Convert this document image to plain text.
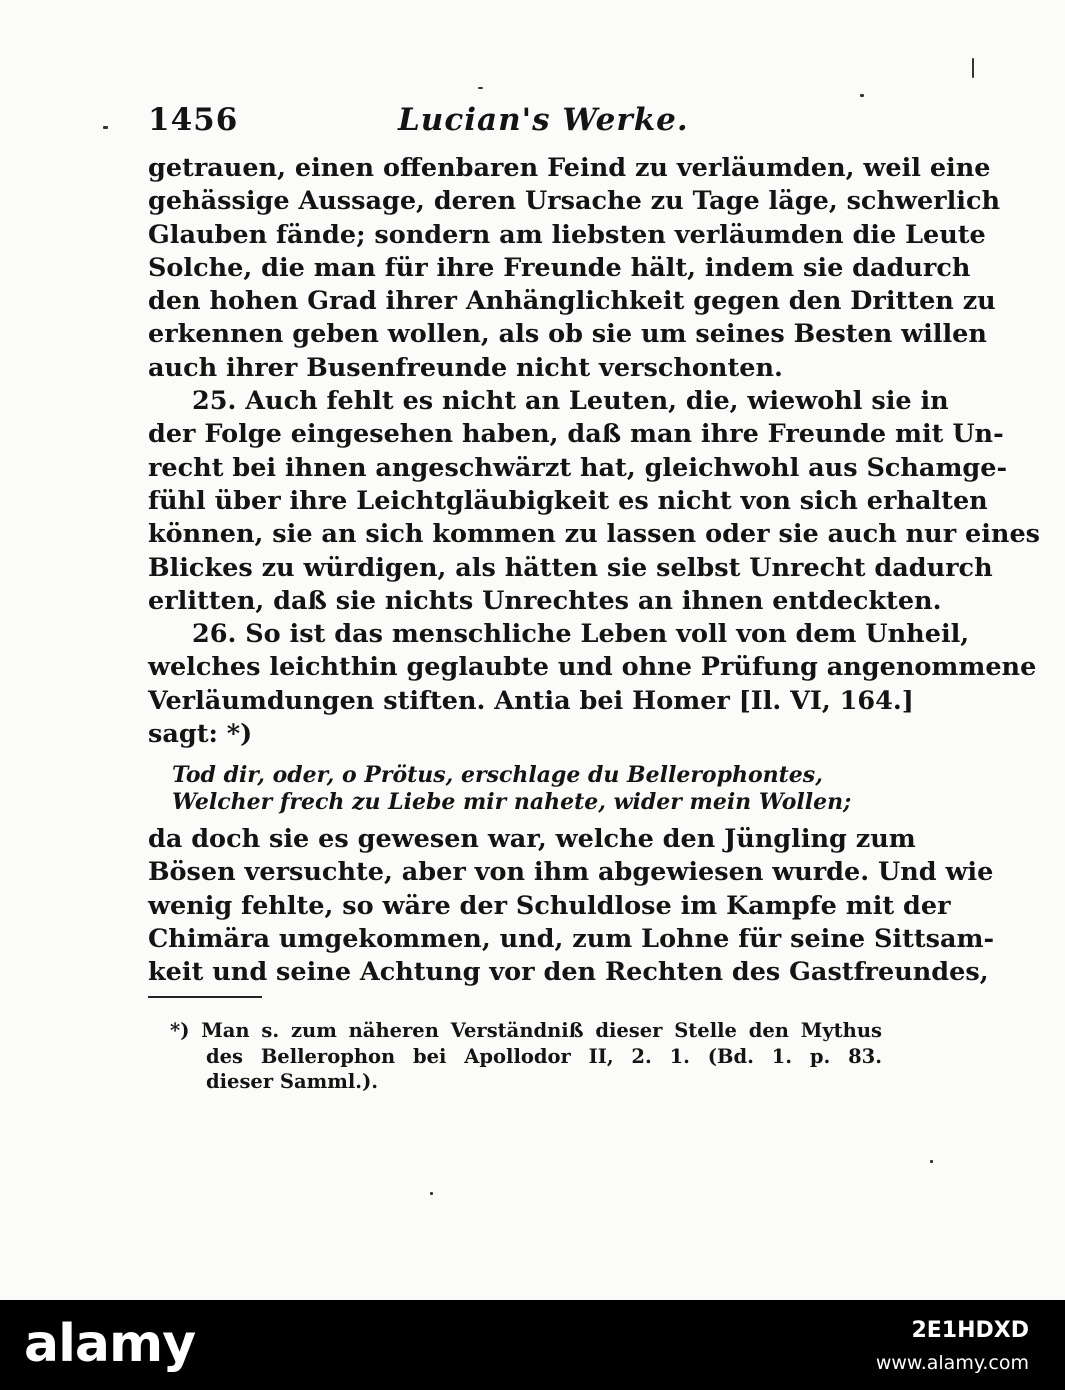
1456	Lucian's Werke.
getrauen, einen offenbaren Feind zu verläumden, weil eine
gehässige Aussage, deren Ursache zu Tage läge, schwerlich
Glauben fände; sondern am liebsten verläumden die Leute
Solche, die man für ihre Freunde hält, indem sie dadurch
den hohen Grad ihrer Anhänglichkeit gegen den Dritten zu
erkennen geben wollen, als ob sie um seines Besten willen
auch ihrer Busenfreunde nicht verschonten.
25. Auch fehlt es nicht an Leuten, die, wiewohl sie in
der Folge eingesehen haben, daß man ihre Freunde mit Un-
recht bei ihnen angeschwärzt hat, gleichwohl aus Schamge-
fühl über ihre Leichtgläubigkeit es nicht von sich erhalten
können, sie an sich kommen zu lassen oder sie auch nur eines
Blickes zu würdigen, als hätten sie selbst Unrecht dadurch
erlitten, daß sie nichts Unrechtes an ihnen entdeckten.
26. So ist das menschliche Leben voll von dem Unheil,
welches leichthin geglaubte und ohne Prüfung angenommene
Verläumdungen stiften. Antia bei Homer [Il. VI, 164.]
sagt: *)
Tod dir, oder, o Prötus, erschlage du Bellerophontes,
Welcher frech zu Liebe mir nahete, wider mein Wollen;
da doch sie es gewesen war, welche den Jüngling zum
Bösen versuchte, aber von ihm abgewiesen wurde. Und wie
wenig fehlte, so wäre der Schuldlose im Kampfe mit der
Chimära umgekommen, und, zum Lohne für seine Sittsam-
keit und seine Achtung vor den Rechten des Gastfreundes,
*) Man s. zum näheren Verständniß dieser Stelle den Mythus
des Bellerophon bei Apollodor II, 2. 1. (Bd. 1. p. 83.
dieser Samml.).
alamy	2E1HDXD
www.alamy.com
